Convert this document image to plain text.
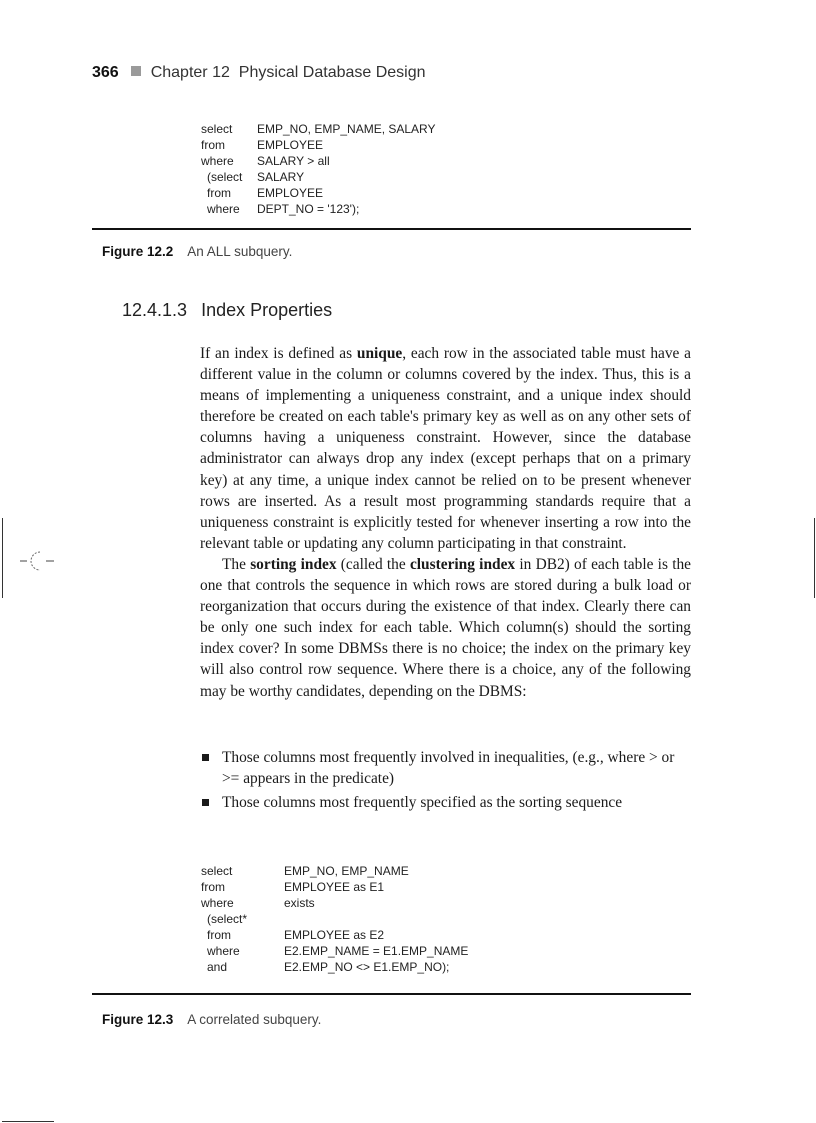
366 Chapter 12 Physical Database Design
select	EMP_NO, EMP_NAME, SALARY
from	EMPLOYEE
where	SALARY > all
(select	SALARY
from	EMPLOYEE
where	DEPT_NO = '123');
Figure 12.2 An ALL subquery.
12.4.1.3 Index Properties

If an index is defined as unique, each row in the associated table must have a different value in the column or columns covered by the index. Thus, this is a means of implementing a uniqueness constraint, and a unique index should therefore be created on each table's primary key as well as on any other sets of columns having a uniqueness constraint. However, since the database administrator can always drop any index (except perhaps that on a primary key) at any time, a unique index cannot be relied on to be present whenever rows are inserted. As a result most programming standards require that a uniqueness constraint is explicitly tested for whenever inserting a row into the relevant table or updating any column participating in that constraint.

The sorting index (called the clustering index in DB2) of each table is the one that controls the sequence in which rows are stored during a bulk load or reorganization that occurs during the existence of that index. Clearly there can be only one such index for each table. Which column(s) should the sorting index cover? In some DBMSs there is no choice; the index on the primary key will also control row sequence. Where there is a choice, any of the following may be worthy candidates, depending on the DBMS:

Those columns most frequently involved in inequalities, (e.g., where > or >= appears in the predicate)
Those columns most frequently specified as the sorting sequence
select	EMP_NO, EMP_NAME
from	EMPLOYEE as E1
where	exists
(select*
from	EMPLOYEE as E2
where	E2.EMP_NAME = E1.EMP_NAME
and	E2.EMP_NO <> E1.EMP_NO);
Figure 12.3 A correlated subquery.
